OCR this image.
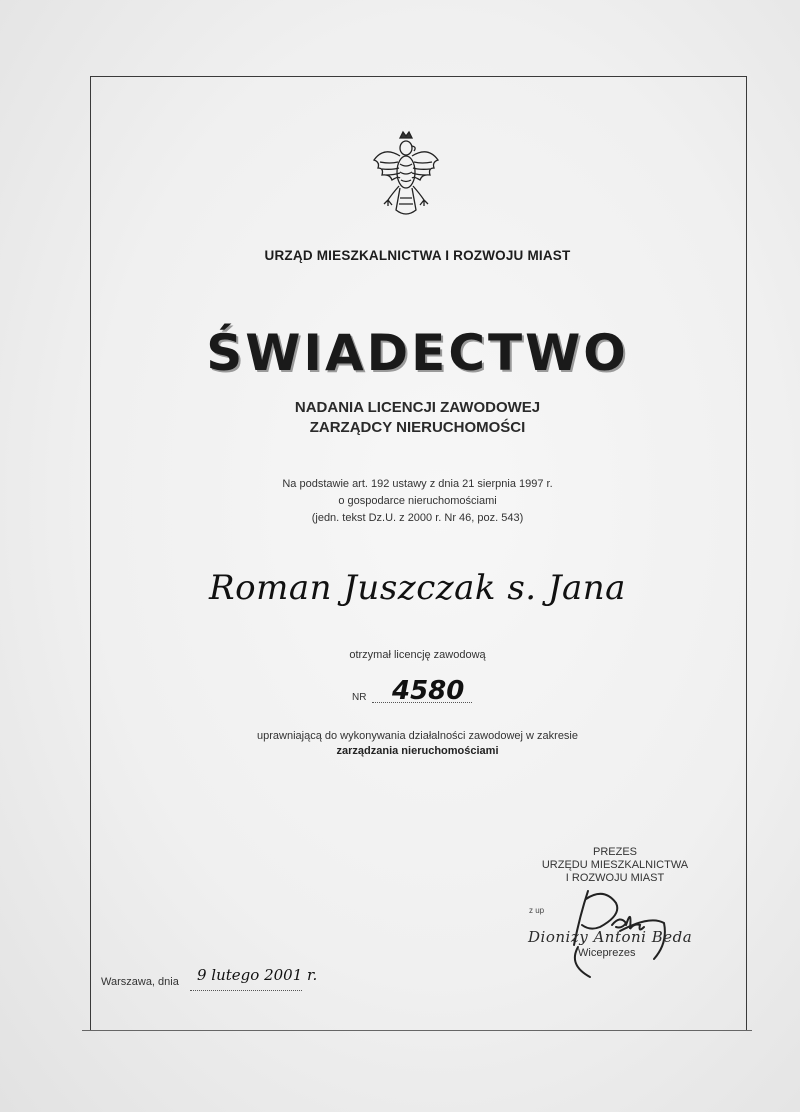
URZĄD MIESZKALNICTWA I ROZWOJU MIAST
ŚWIADECTWO
NADANIA LICENCJI ZAWODOWEJ
ZARZĄDCY NIERUCHOMOŚCI
Na podstawie art. 192 ustawy z dnia 21 sierpnia 1997 r.
o gospodarce nieruchomościami
(jedn. tekst Dz.U. z 2000 r. Nr 46, poz. 543)
Roman Juszczak s. Jana
otrzymał licencję zawodową
NR 4580
uprawniającą do wykonywania działalności zawodowej w zakresie
zarządzania nieruchomościami
PREZES
URZĘDU MIESZKALNICTWA
I ROZWOJU MIAST
z up
Dionizy Antoni Beda
Wiceprezes
Warszawa, dnia 9 lutego 2001 r.
